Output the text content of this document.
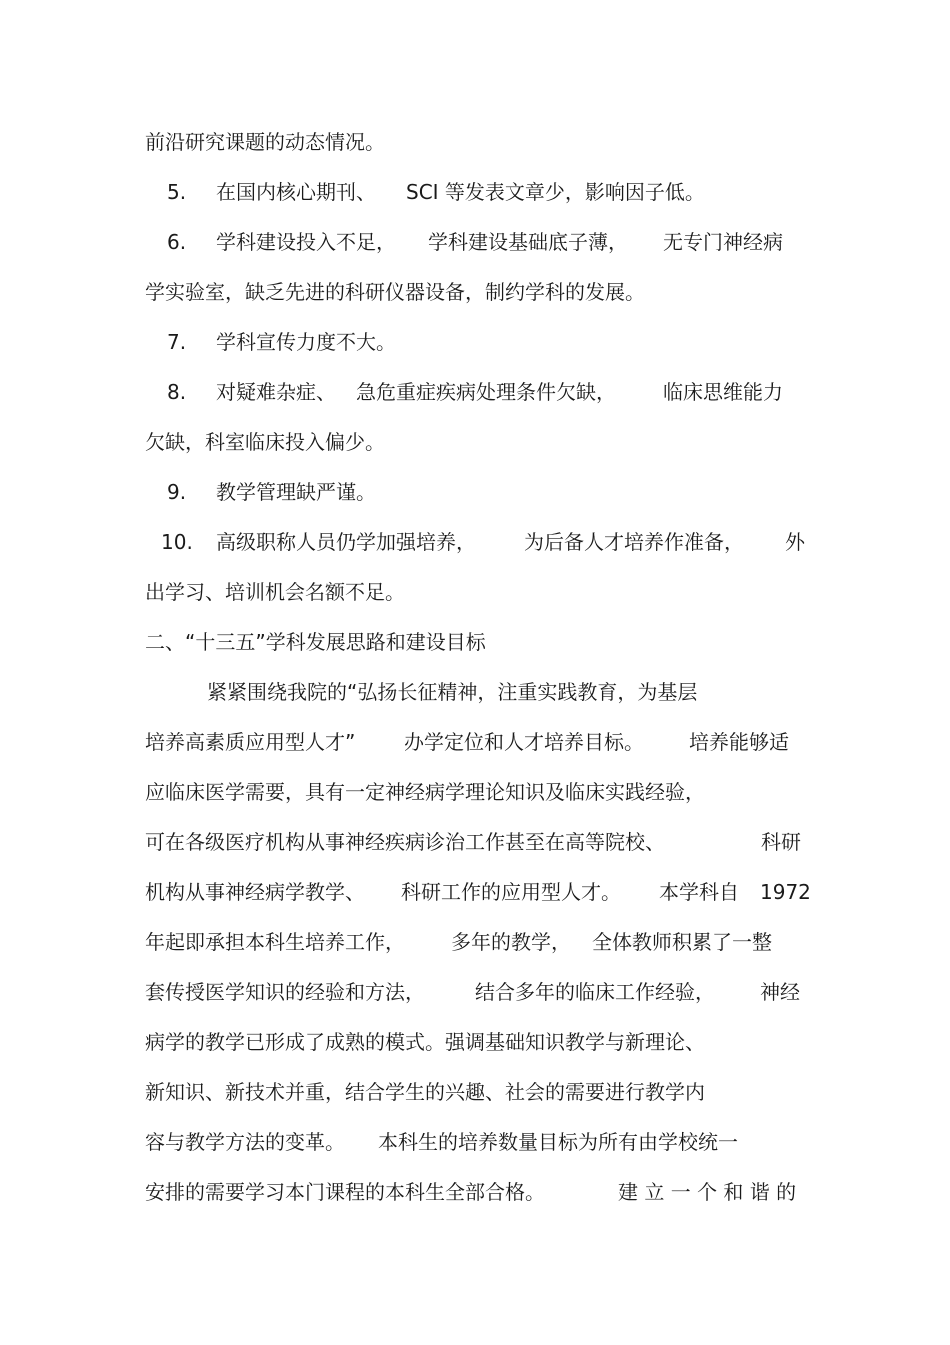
前沿研究课题的动态情况。
5. 在国内核心期刊、 SCI 等发表文章少，影响因子低。
6. 学科建设投入不足， 学科建设基础底子薄， 无专门神经病
学实验室，缺乏先进的科研仪器设备，制约学科的发展。
7. 学科宣传力度不大。
8. 对疑难杂症、 急危重症疾病处理条件欠缺， 临床思维能力
欠缺，科室临床投入偏少。
9. 教学管理缺严谨。
10. 高级职称人员仍学加强培养， 为后备人才培养作准备， 外
出学习、培训机会名额不足。
二、“十三五”学科发展思路和建设目标
紧紧围绕我院的“弘扬长征精神，注重实践教育，为基层
培养高素质应用型人才” 办学定位和人才培养目标。 培养能够适
应临床医学需要，具有一定神经病学理论知识及临床实践经验，
可在各级医疗机构从事神经疾病诊治工作甚至在高等院校、	科研
机构从事神经病学教学、 科研工作的应用型人才。 本学科自 1972
年起即承担本科生培养工作， 多年的教学， 全体教师积累了一整
套传授医学知识的经验和方法，	结合多年的临床工作经验， 神经
病学的教学已形成了成熟的模式。强调基础知识教学与新理论、
新知识、新技术并重，结合学生的兴趣、社会的需要进行教学内
容与教学方法的变革。 本科生的培养数量目标为所有由学校统一
安排的需要学习本门课程的本科生全部合格。	建 立 一 个 和 谐 的
